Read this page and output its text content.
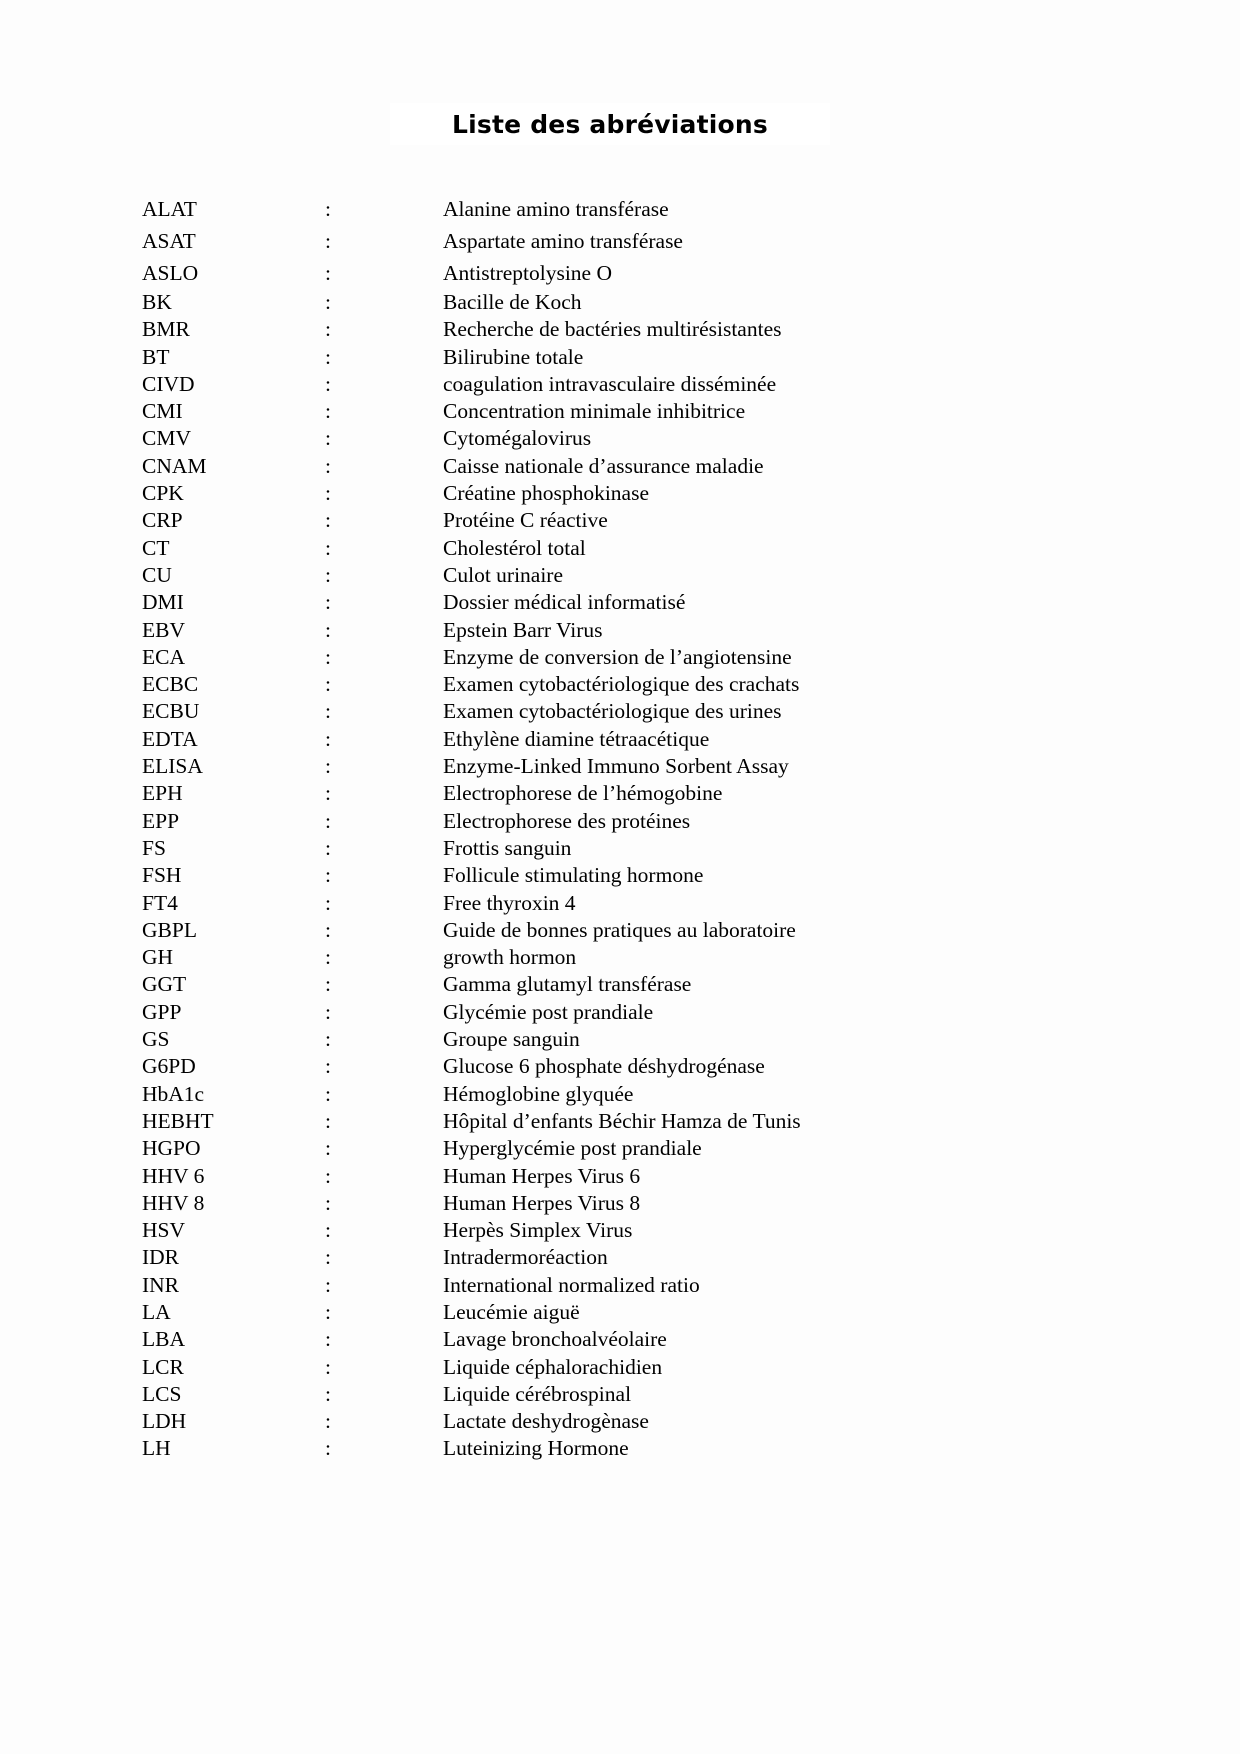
Liste des abréviations
ALAT	:	Alanine amino transférase
ASAT	:	Aspartate amino transférase
ASLO	:	Antistreptolysine O
BK	:	Bacille de Koch
BMR	:	Recherche de bactéries multirésistantes
BT	:	Bilirubine totale
CIVD	:	coagulation intravasculaire disséminée
CMI	:	Concentration minimale inhibitrice
CMV	:	Cytomégalovirus
CNAM	:	Caisse nationale d’assurance maladie
CPK	:	Créatine phosphokinase
CRP	:	Protéine C réactive
CT	:	Cholestérol total
CU	:	Culot urinaire
DMI	:	Dossier médical informatisé
EBV	:	Epstein Barr Virus
ECA	:	Enzyme de conversion de l’angiotensine
ECBC	:	Examen cytobactériologique des crachats
ECBU	:	Examen cytobactériologique des urines
EDTA	:	Ethylène diamine tétraacétique
ELISA	:	Enzyme-Linked Immuno Sorbent Assay
EPH	:	Electrophorese de l’hémogobine
EPP	:	Electrophorese des protéines
FS	:	Frottis sanguin
FSH	:	Follicule stimulating hormone
FT4	:	Free thyroxin 4
GBPL	:	Guide de bonnes pratiques au laboratoire
GH	:	growth hormon
GGT	:	Gamma glutamyl transférase
GPP	:	Glycémie post prandiale
GS	:	Groupe sanguin
G6PD	:	Glucose 6 phosphate déshydrogénase
HbA1c	:	Hémoglobine glyquée
HEBHT	:	Hôpital d’enfants Béchir Hamza de Tunis
HGPO	:	Hyperglycémie post prandiale
HHV 6	:	Human Herpes Virus 6
HHV 8	:	Human Herpes Virus 8
HSV	:	Herpès Simplex Virus
IDR	:	Intradermoréaction
INR	:	International normalized ratio
LA	:	Leucémie aiguë
LBA	:	Lavage bronchoalvéolaire
LCR	:	Liquide céphalorachidien
LCS	:	Liquide cérébrospinal
LDH	:	Lactate deshydrogènase
LH	:	Luteinizing Hormone
